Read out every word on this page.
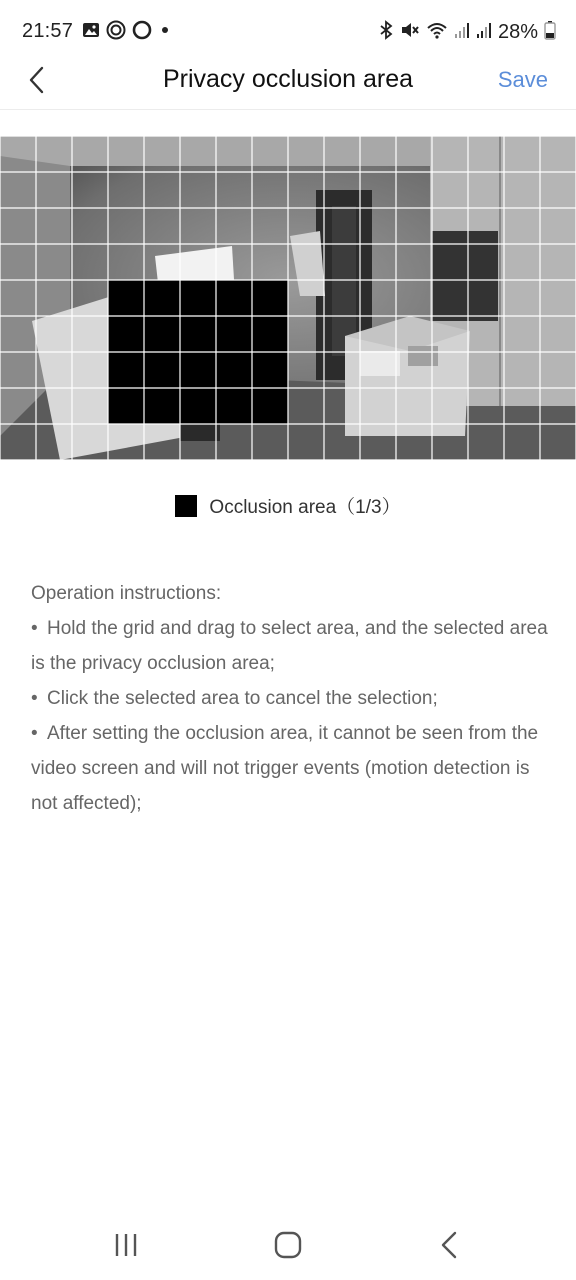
21:57	28%
Privacy occlusion area	Save
Occlusion area（1/3）
Operation instructions:
• Hold the grid and drag to select area, and the selected area is the privacy occlusion area;
• Click the selected area to cancel the selection;
• After setting the occlusion area, it cannot be seen from the video screen and will not trigger events (motion detection is not affected);
